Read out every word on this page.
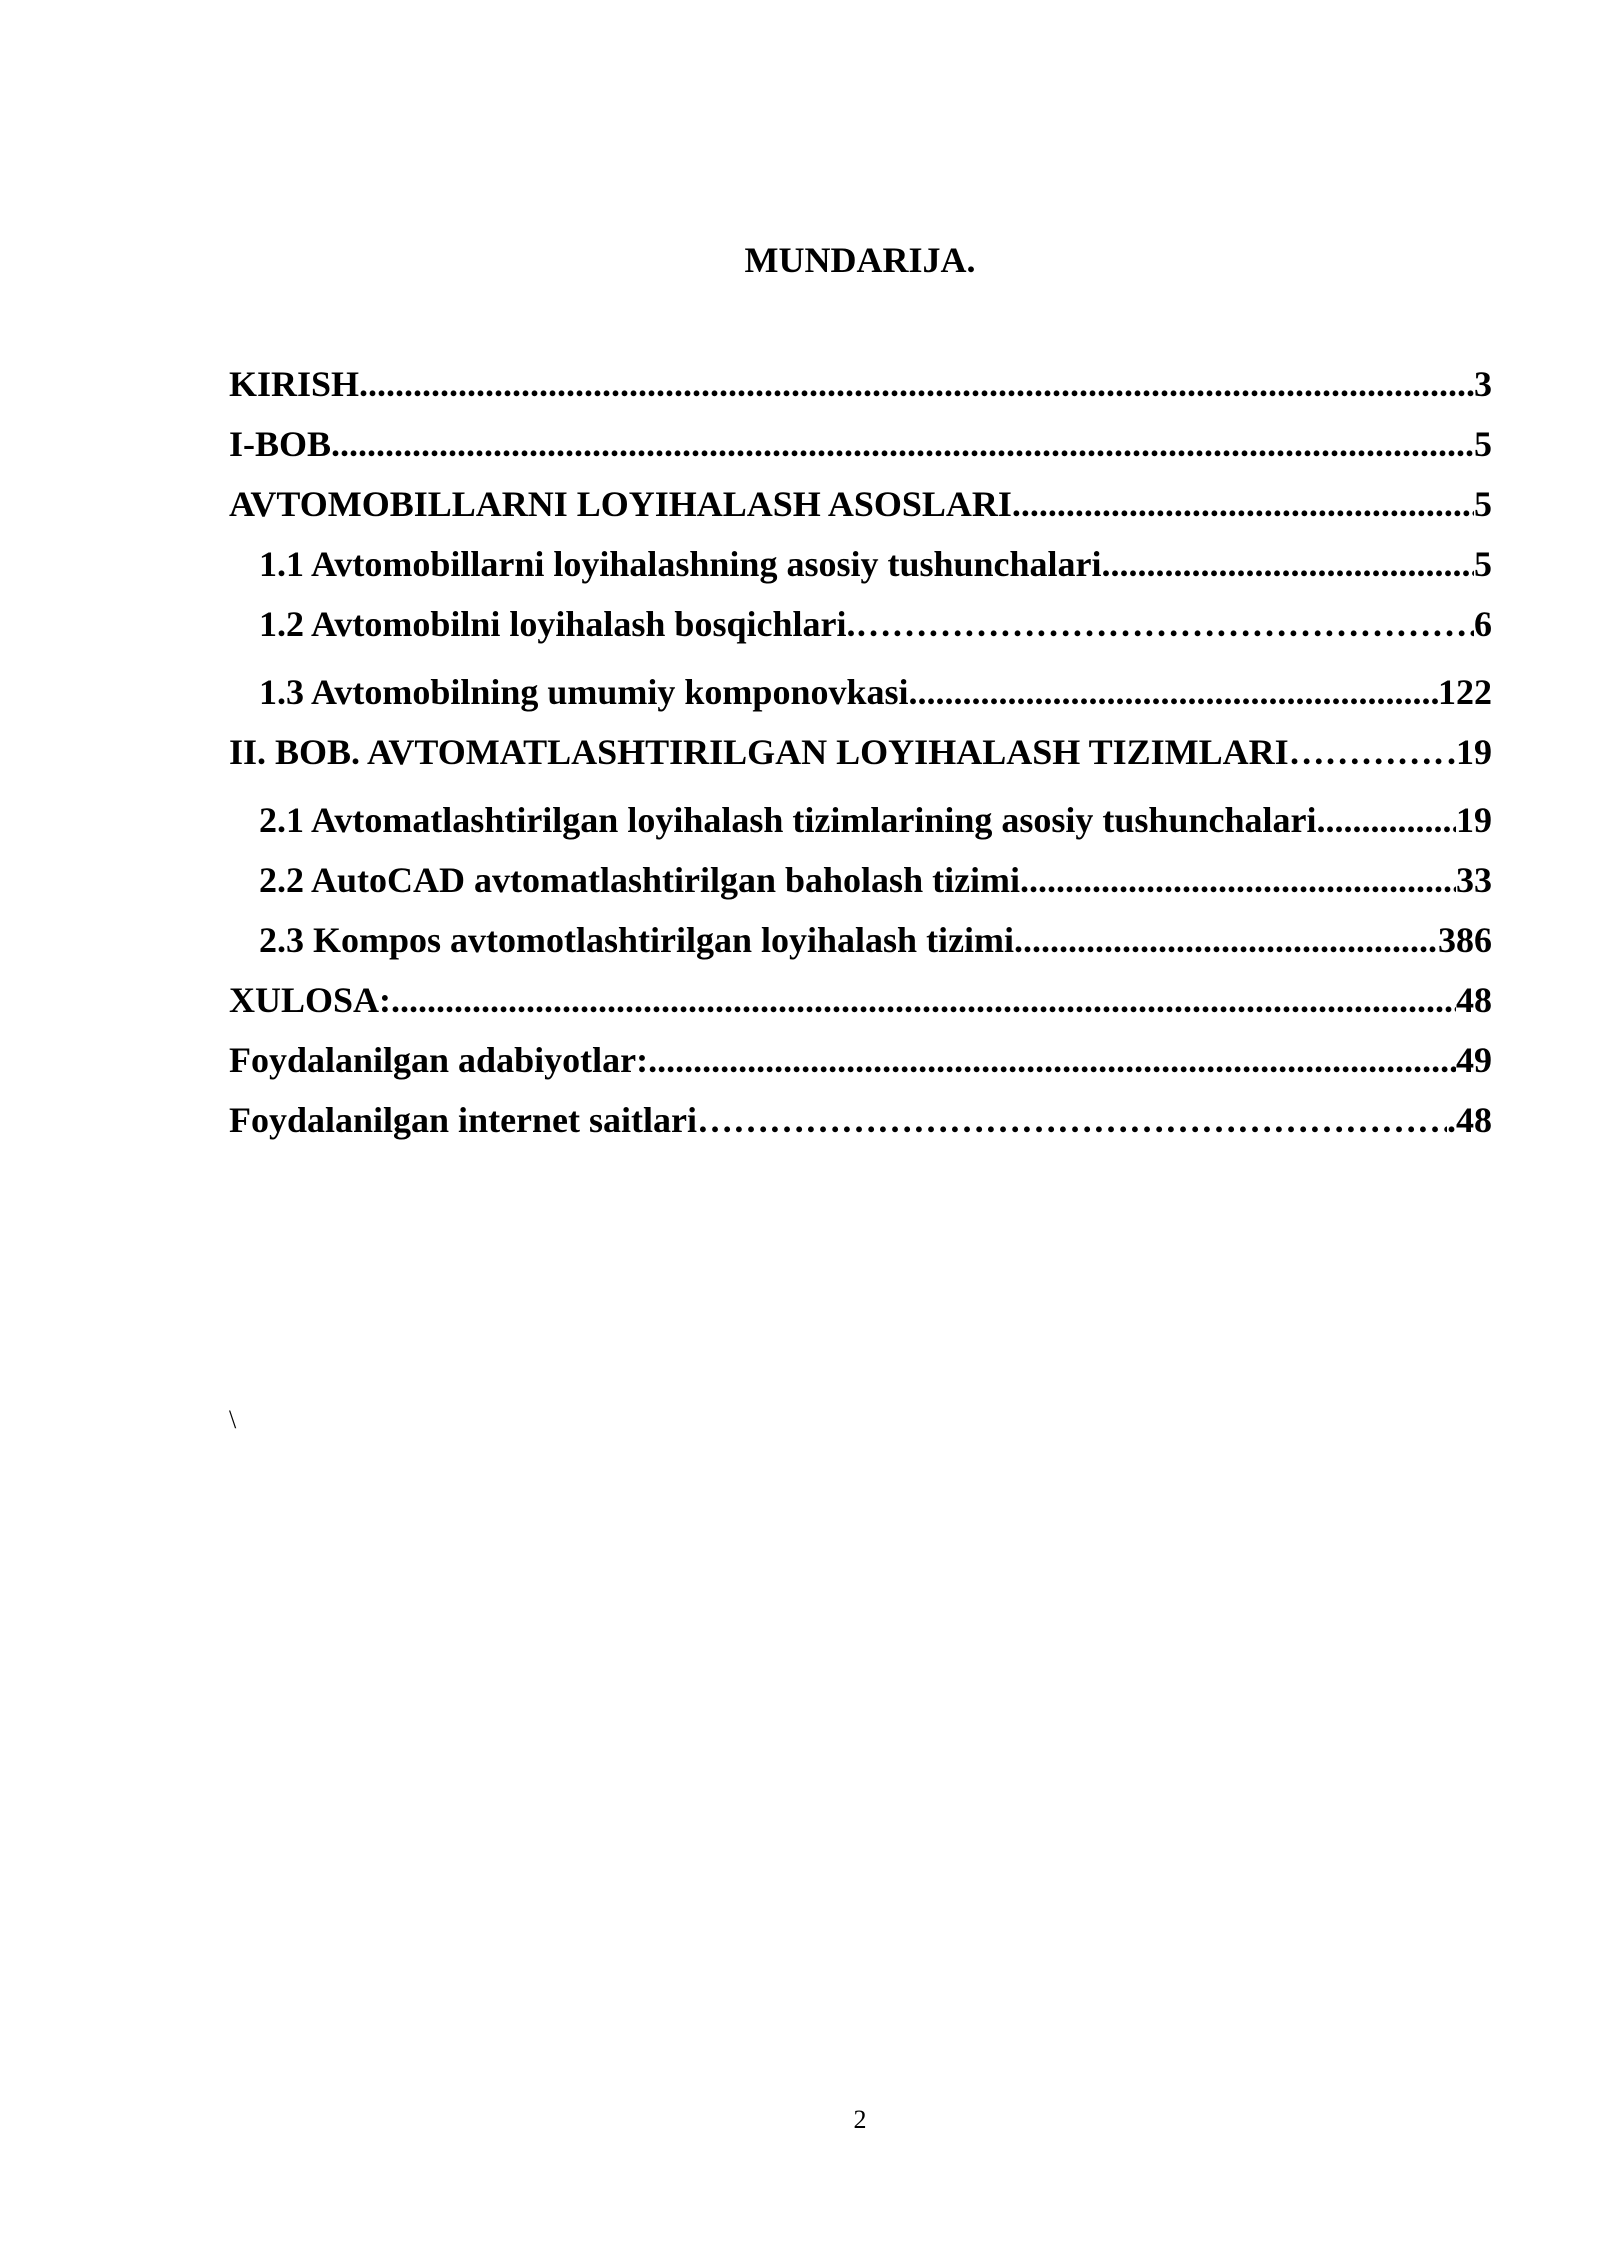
MUNDARIJA.
KIRISH .....	3
I-BOB .....	5
AVTOMOBILLARNI LOYIHALASH ASOSLARI .....	5
1.1 Avtomobillarni loyihalashning asosiy tushunchalari .....	5
1.2 Avtomobilni loyihalash bosqichlari. ……………………………………………………………………………………………………………………………	6
1.3 Avtomobilning umumiy komponovkasi .....	122
II. BOB. AVTOMATLASHTIRILGAN LOYIHALASH TIZIMLARI ……………………………………………………………………………………………………………………………	.19
2.1 Avtomatlashtirilgan loyihalash tizimlarining asosiy tushunchalari .....	19
2.2 AutoCAD avtomatlashtirilgan baholash tizimi .....	33
2.3 Kompos avtomotlashtirilgan loyihalash tizimi .....	386
XULOSA: .....	48
Foydalanilgan adabiyotlar: .....	49
Foydalanilgan internet saitlari ……………………………………………………………………………………………………………………………	.48
\
2
